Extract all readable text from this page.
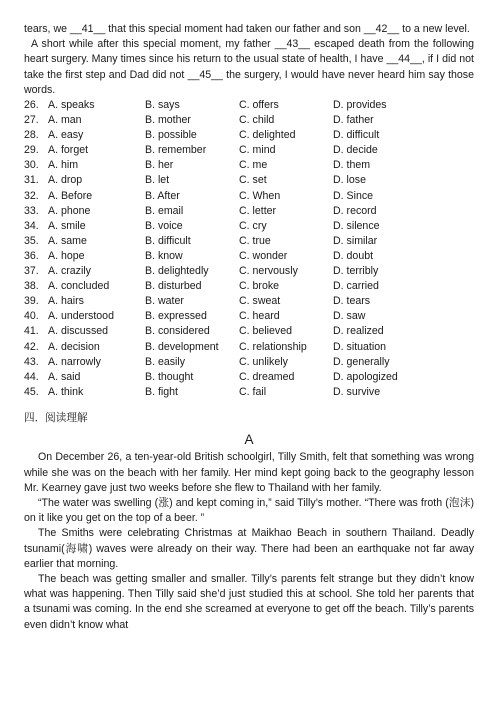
tears, we __41__ that this special moment had taken our father and son __42__ to a new level.

A short while after this special moment, my father __43__ escaped death from the following heart surgery. Many times since his return to the usual state of health, I have __44__, if I did not take the first step and Dad did not __45__ the surgery, I would have never heard him say those words.

26. A. speaks	B. says	C. offers	D. provides
27. A. man	B. mother	C. child	D. father
28. A. easy	B. possible	C. delighted	D. difficult
29. A. forget	B. remember	C. mind	D. decide
30. A. him	B. her	C. me	D. them
31. A. drop	B. let	C. set	D. lose
32. A. Before	B. After	C. When	D. Since
33. A. phone	B. email	C. letter	D. record
34. A. smile	B. voice	C. cry	D. silence
35. A. same	B. difficult	C. true	D. similar
36. A. hope	B. know	C. wonder	D. doubt
37. A. crazily	B. delightedly	C. nervously	D. terribly
38. A. concluded	B. disturbed	C. broke	D. carried
39. A. hairs	B. water	C. sweat	D. tears
40. A. understood	B. expressed	C. heard	D. saw
41. A. discussed	B. considered	C. believed	D. realized
42. A. decision	B. development	C. relationship	D. situation
43. A. narrowly	B. easily	C. unlikely	D. generally
44. A. said	B. thought	C. dreamed	D. apologized
45. A. think	B. fight	C. fail	D. survive

四．阅读理解

A

On December 26, a ten-year-old British schoolgirl, Tilly Smith, felt that something was wrong while she was on the beach with her family. Her mind kept going back to the geography lesson Mr. Kearney gave just two weeks before she flew to Thailand with her family.

“The water was swelling (涨) and kept coming in,” said Tilly’s mother. “There was froth (泡沫) on it like you get on the top of a beer. ”

The Smiths were celebrating Christmas at Maikhao Beach in southern Thailand. Deadly tsunami(海啸) waves were already on their way. There had been an earthquake not far away earlier that morning.

The beach was getting smaller and smaller. Tilly’s parents felt strange but they didn’t know what was happening. Then Tilly said she’d just studied this at school. She told her parents that a tsunami was coming. In the end she screamed at everyone to get off the beach. Tilly’s parents even didn’t know what
